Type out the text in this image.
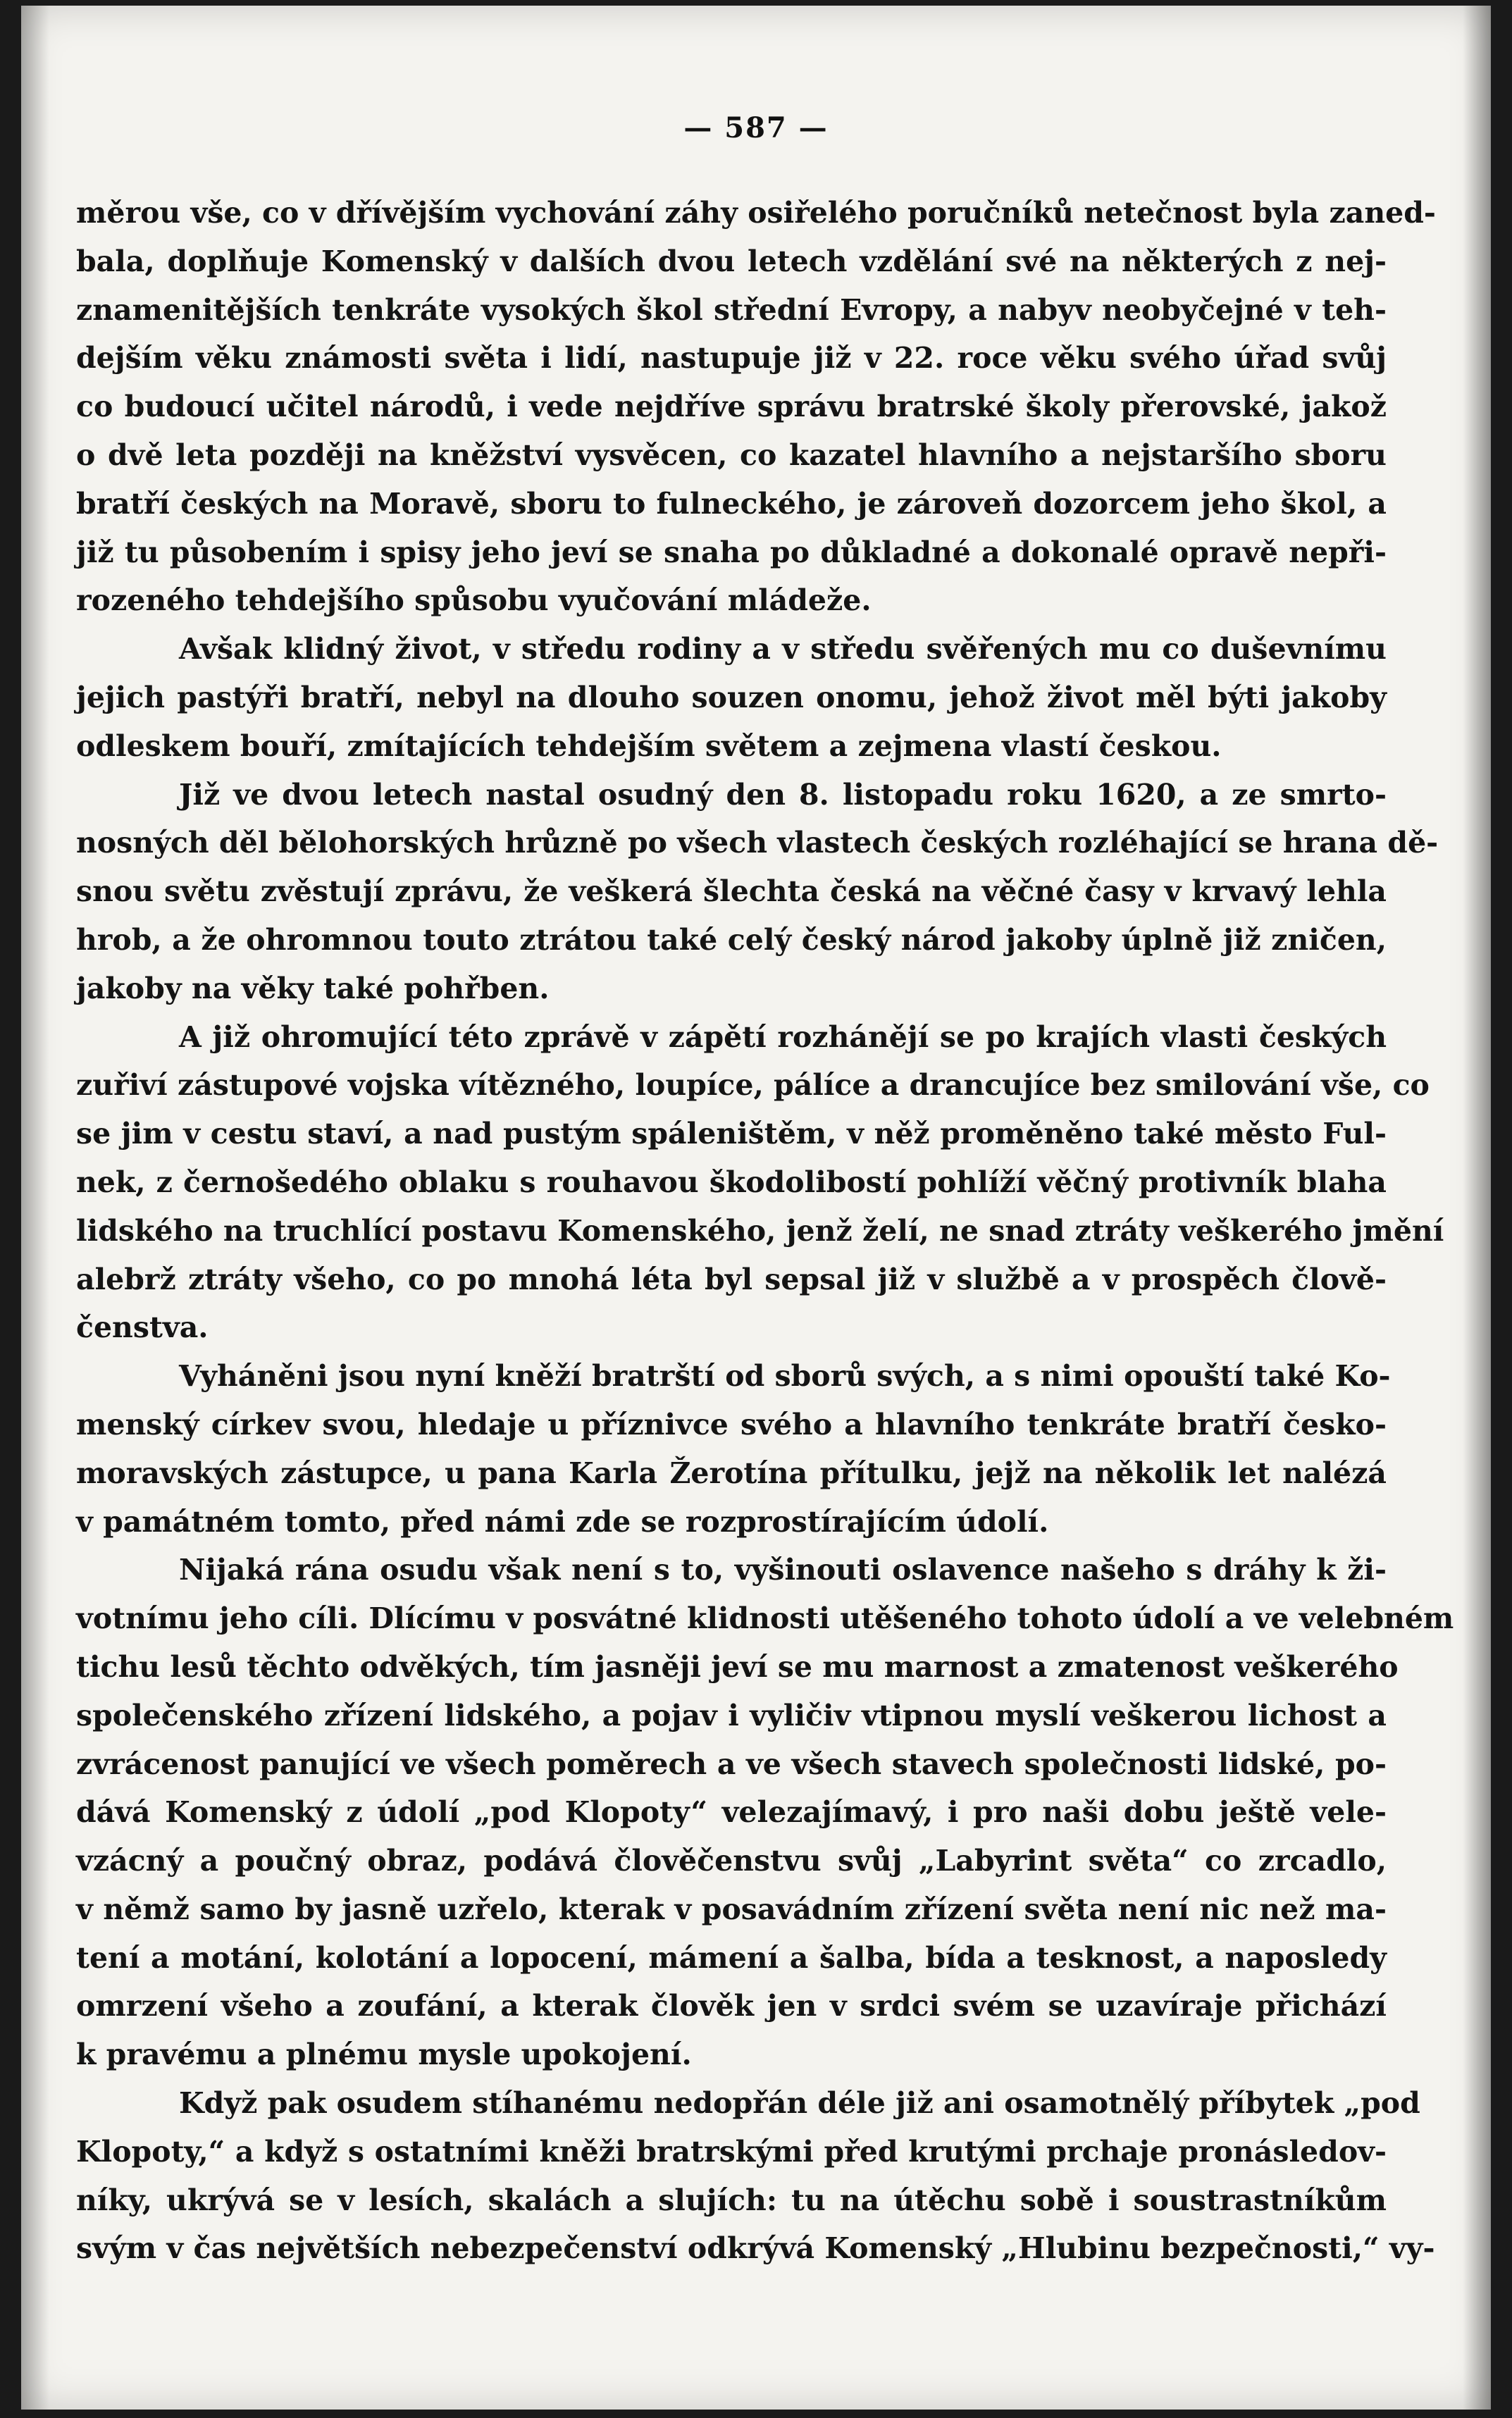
— 587 —
měrou vše, co v dřívějším vychování záhy osiřelého poručníků netečnost byla zaned-
bala, doplňuje Komenský v dalších dvou letech vzdělání své na některých z nej-
znamenitějších tenkráte vysokých škol střední Evropy, a nabyv neobyčejné v teh-
dejším věku známosti světa i lidí, nastupuje již v 22. roce věku svého úřad svůj
co budoucí učitel národů, i vede nejdříve správu bratrské školy přerovské, jakož
o dvě leta později na kněžství vysvěcen, co kazatel hlavního a nejstaršího sboru
bratří českých na Moravě, sboru to fulneckého, je zároveň dozorcem jeho škol, a
již tu působením i spisy jeho jeví se snaha po důkladné a dokonalé opravě nepři-
rozeného tehdejšího spůsobu vyučování mládeže.
Avšak klidný život, v středu rodiny a v středu svěřených mu co duševnímu
jejich pastýři bratří, nebyl na dlouho souzen onomu, jehož život měl býti jakoby
odleskem bouří, zmítajících tehdejším světem a zejmena vlastí českou.
Již ve dvou letech nastal osudný den 8. listopadu roku 1620, a ze smrto-
nosných děl bělohorských hrůzně po všech vlastech českých rozléhající se hrana dě-
snou světu zvěstují zprávu, že veškerá šlechta česká na věčné časy v krvavý lehla
hrob, a že ohromnou touto ztrátou také celý český národ jakoby úplně již zničen,
jakoby na věky také pohřben.
A již ohromující této zprávě v zápětí rozhánějí se po krajích vlasti českých
zuřiví zástupové vojska vítězného, loupíce, pálíce a drancujíce bez smilování vše, co
se jim v cestu staví, a nad pustým spáleništěm, v něž proměněno také město Ful-
nek, z černošedého oblaku s rouhavou škodolibostí pohlíží věčný protivník blaha
lidského na truchlící postavu Komenského, jenž želí, ne snad ztráty veškerého jmění
alebrž ztráty všeho, co po mnohá léta byl sepsal již v službě a v prospěch člově-
čenstva.
Vyháněni jsou nyní kněží bratrští od sborů svých, a s nimi opouští také Ko-
menský církev svou, hledaje u příznivce svého a hlavního tenkráte bratří česko-
moravských zástupce, u pana Karla Žerotína přítulku, jejž na několik let nalézá
v památném tomto, před námi zde se rozprostírajícím údolí.
Nijaká rána osudu však není s to, vyšinouti oslavence našeho s dráhy k ži-
votnímu jeho cíli. Dlícímu v posvátné klidnosti utěšeného tohoto údolí a ve velebném
tichu lesů těchto odvěkých, tím jasněji jeví se mu marnost a zmatenost veškerého
společenského zřízení lidského, a pojav i vyličiv vtipnou myslí veškerou lichost a
zvrácenost panující ve všech poměrech a ve všech stavech společnosti lidské, po-
dává Komenský z údolí „pod Klopoty“ velezajímavý, i pro naši dobu ještě vele-
vzácný a poučný obraz, podává člověčenstvu svůj „Labyrint světa“ co zrcadlo,
v němž samo by jasně uzřelo, kterak v posavádním zřízení světa není nic než ma-
tení a motání, kolotání a lopocení, mámení a šalba, bída a tesknost, a naposledy
omrzení všeho a zoufání, a kterak člověk jen v srdci svém se uzavíraje přichází
k pravému a plnému mysle upokojení.
Když pak osudem stíhanému nedopřán déle již ani osamotnělý příbytek „pod
Klopoty,“ a když s ostatními kněži bratrskými před krutými prchaje pronásledov-
níky, ukrývá se v lesích, skalách a slujích: tu na útěchu sobě i soustrastníkům
svým v čas největších nebezpečenství odkrývá Komenský „Hlubinu bezpečnosti,“ vy-
